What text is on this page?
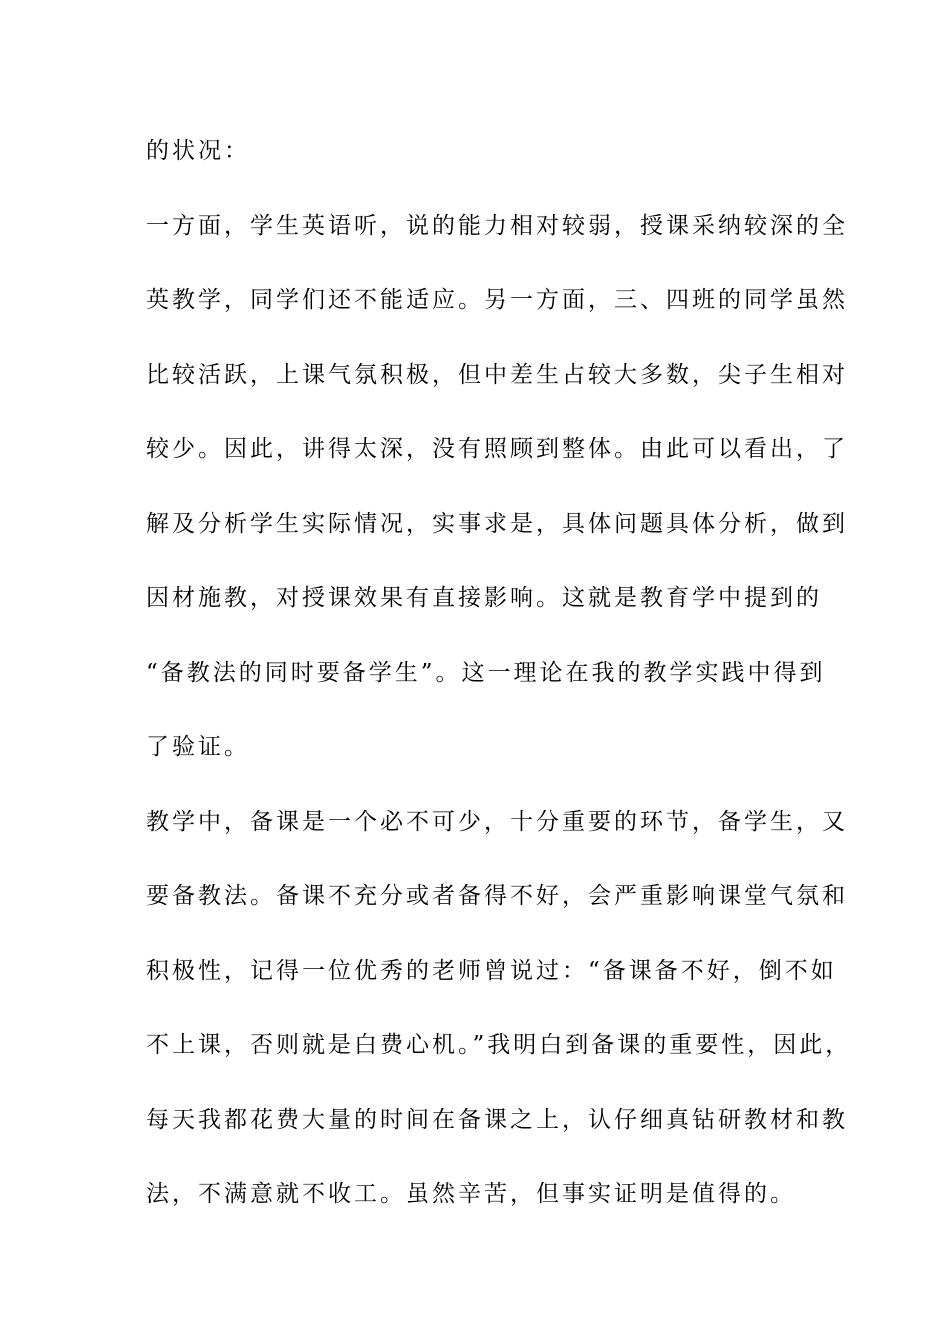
的状况：
一方面，学生英语听，说的能力相对较弱，授课采纳较深的全
英教学，同学们还不能适应。另一方面，三、四班的同学虽然
比较活跃，上课气氛积极，但中差生占较大多数，尖子生相对
较少。因此，讲得太深，没有照顾到整体。由此可以看出，了
解及分析学生实际情况，实事求是，具体问题具体分析，做到
因材施教，对授课效果有直接影响。这就是教育学中提到的
“备教法的同时要备学生”。这一理论在我的教学实践中得到
了验证。
教学中，备课是一个必不可少，十分重要的环节，备学生，又
要备教法。备课不充分或者备得不好，会严重影响课堂气氛和
积极性，记得一位优秀的老师曾说过：“备课备不好，倒不如
不上课，否则就是白费心机。”我明白到备课的重要性，因此，
每天我都花费大量的时间在备课之上，认仔细真钻研教材和教
法，不满意就不收工。虽然辛苦，但事实证明是值得的。
